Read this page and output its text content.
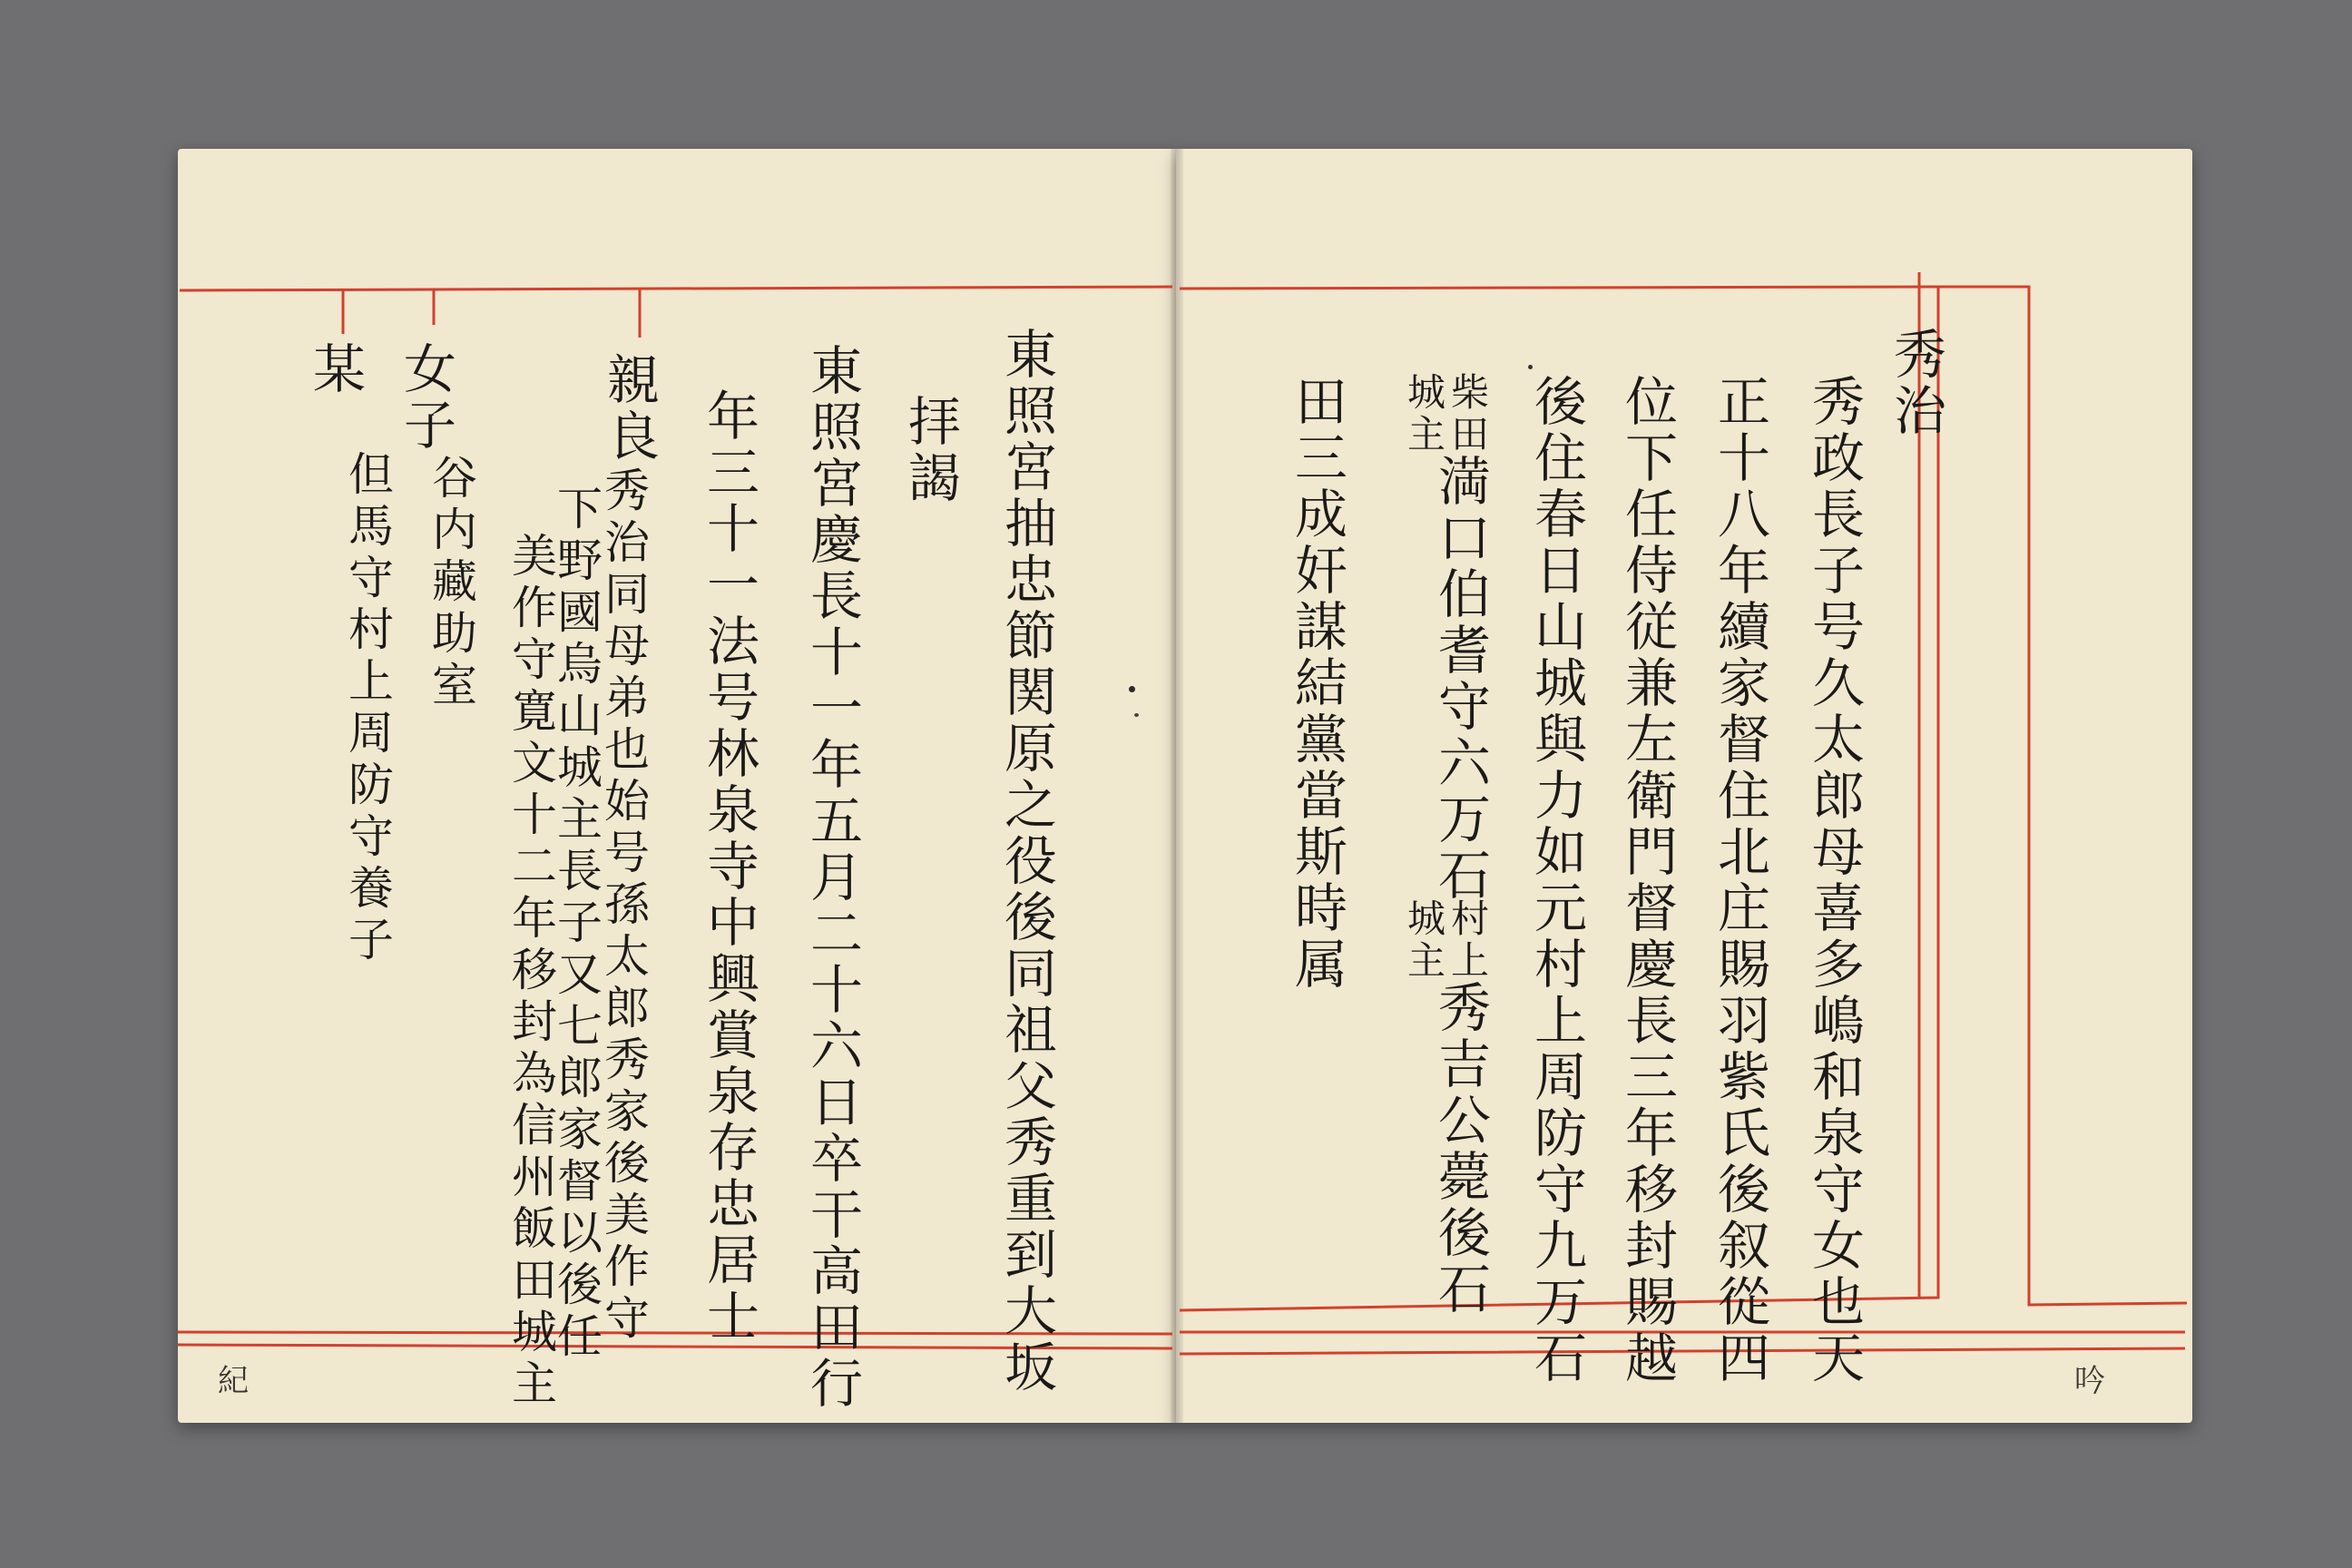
秀治
秀政長子号久太郎母喜多嶋和泉守女也天
正十八年續家督住北庄賜羽紫氏後叙從四
位下任侍従兼左衛門督慶長三年移封賜越
後住春日山城與力如元村上周防守九万石
柴田
城主
満口伯耆守六万石
村上
城主
秀吉公薨後石
田三成奸謀結黨當斯時属
吟
東照宮抽忠節関原之役後同祖父秀重到大坂
拝謁
東照宮慶長十一年五月二十六日卒干高田行
年三十一法号林泉寺中興賞泉存忠居士
親良
秀治同母弟也始号孫太郎秀家後美作守
下野國烏山城主長子又七郎家督以後任
美作守寛文十二年移封為信州飯田城主
女子
谷内藏助室
某
但馬守村上周防守養子
紀
